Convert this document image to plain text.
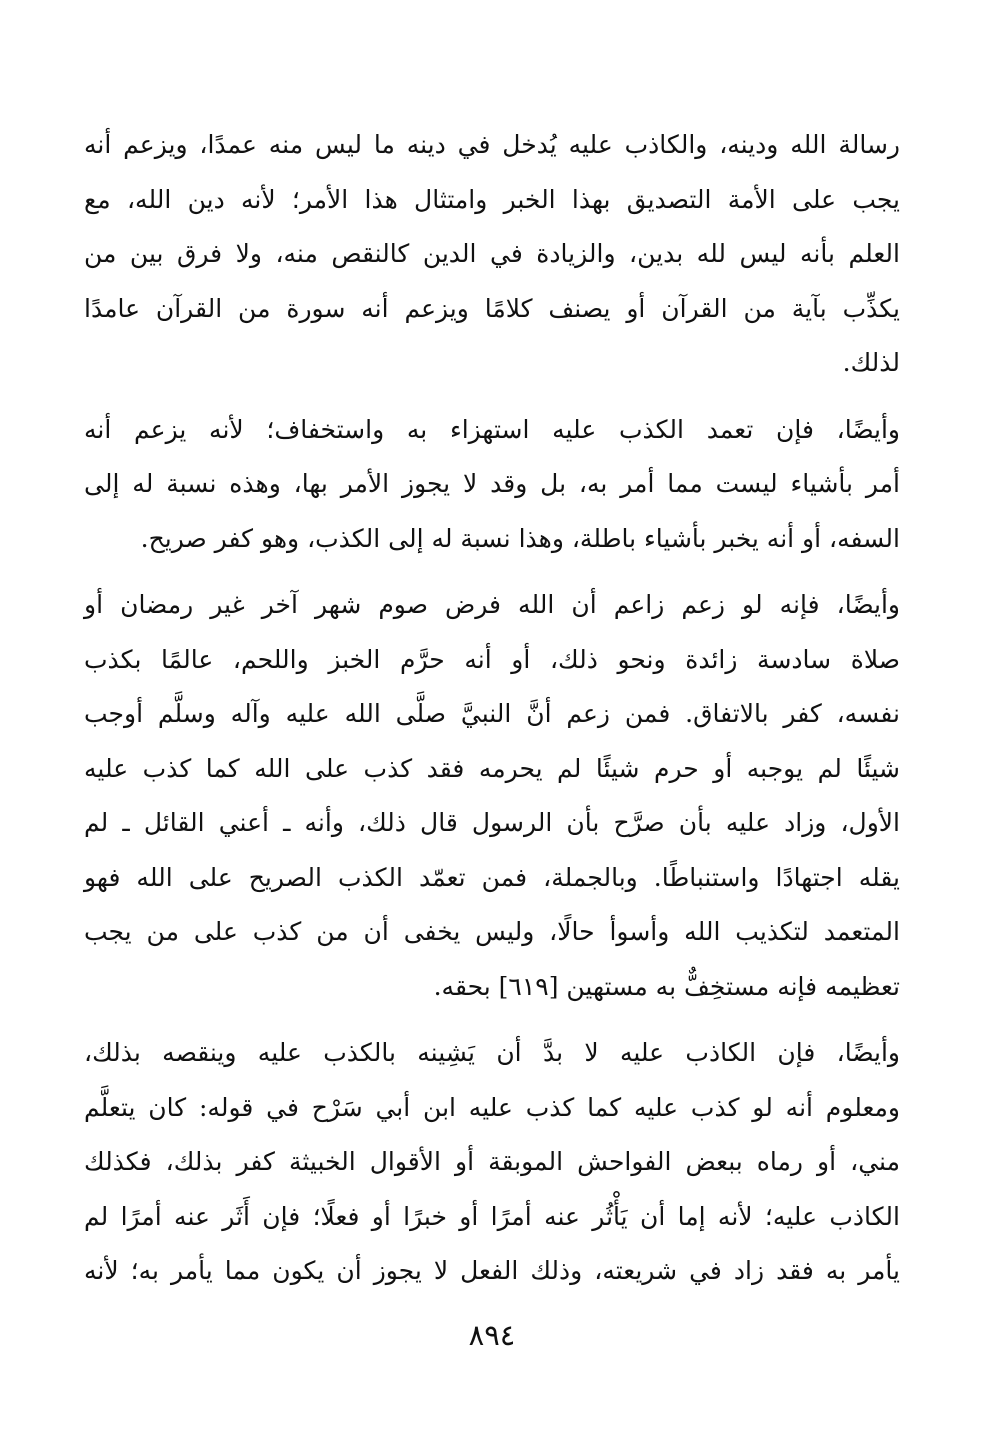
رسالة الله ودينه، والكاذب عليه يُدخل في دينه ما ليس منه عمدًا، ويزعم أنه
يجب على الأمة التصديق بهذا الخبر وامتثال هذا الأمر؛ لأنه دين الله، مع
العلم بأنه ليس لله بدين، والزيادة في الدين كالنقص منه، ولا فرق بين من
يكذِّب بآية من القرآن أو يصنف كلامًا ويزعم أنه سورة من القرآن عامدًا
لذلك.

وأيضًا، فإن تعمد الكذب عليه استهزاء به واستخفاف؛ لأنه يزعم أنه
أمر بأشياء ليست مما أمر به، بل وقد لا يجوز الأمر بها، وهذه نسبة له إلى
السفه، أو أنه يخبر بأشياء باطلة، وهذا نسبة له إلى الكذب، وهو كفر صريح.

وأيضًا، فإنه لو زعم زاعم أن الله فرض صوم شهر آخر غير رمضان أو
صلاة سادسة زائدة ونحو ذلك، أو أنه حرَّم الخبز واللحم، عالمًا بكذب
نفسه، كفر بالاتفاق. فمن زعم أنَّ النبيَّ صلَّى الله عليه وآله وسلَّم أوجب
شيئًا لم يوجبه أو حرم شيئًا لم يحرمه فقد كذب على الله كما كذب عليه
الأول، وزاد عليه بأن صرَّح بأن الرسول قال ذلك، وأنه ـ أعني القائل ـ لم
يقله اجتهادًا واستنباطًا. وبالجملة، فمن تعمّد الكذب الصريح على الله فهو
المتعمد لتكذيب الله وأسوأ حالًا، وليس يخفى أن من كذب على من يجب
تعظيمه فإنه مستخِفٌّ به مستهين [٦١٩] بحقه.

وأيضًا، فإن الكاذب عليه لا بدَّ أن يَشِينه بالكذب عليه وينقصه بذلك،
ومعلوم أنه لو كذب عليه كما كذب عليه ابن أبي سَرْح في قوله: كان يتعلَّم
مني، أو رماه ببعض الفواحش الموبقة أو الأقوال الخبيثة كفر بذلك، فكذلك
الكاذب عليه؛ لأنه إما أن يَأْثُر عنه أمرًا أو خبرًا أو فعلًا؛ فإن أَثَر عنه أمرًا لم
يأمر به فقد زاد في شريعته، وذلك الفعل لا يجوز أن يكون مما يأمر به؛ لأنه

٨٩٤
